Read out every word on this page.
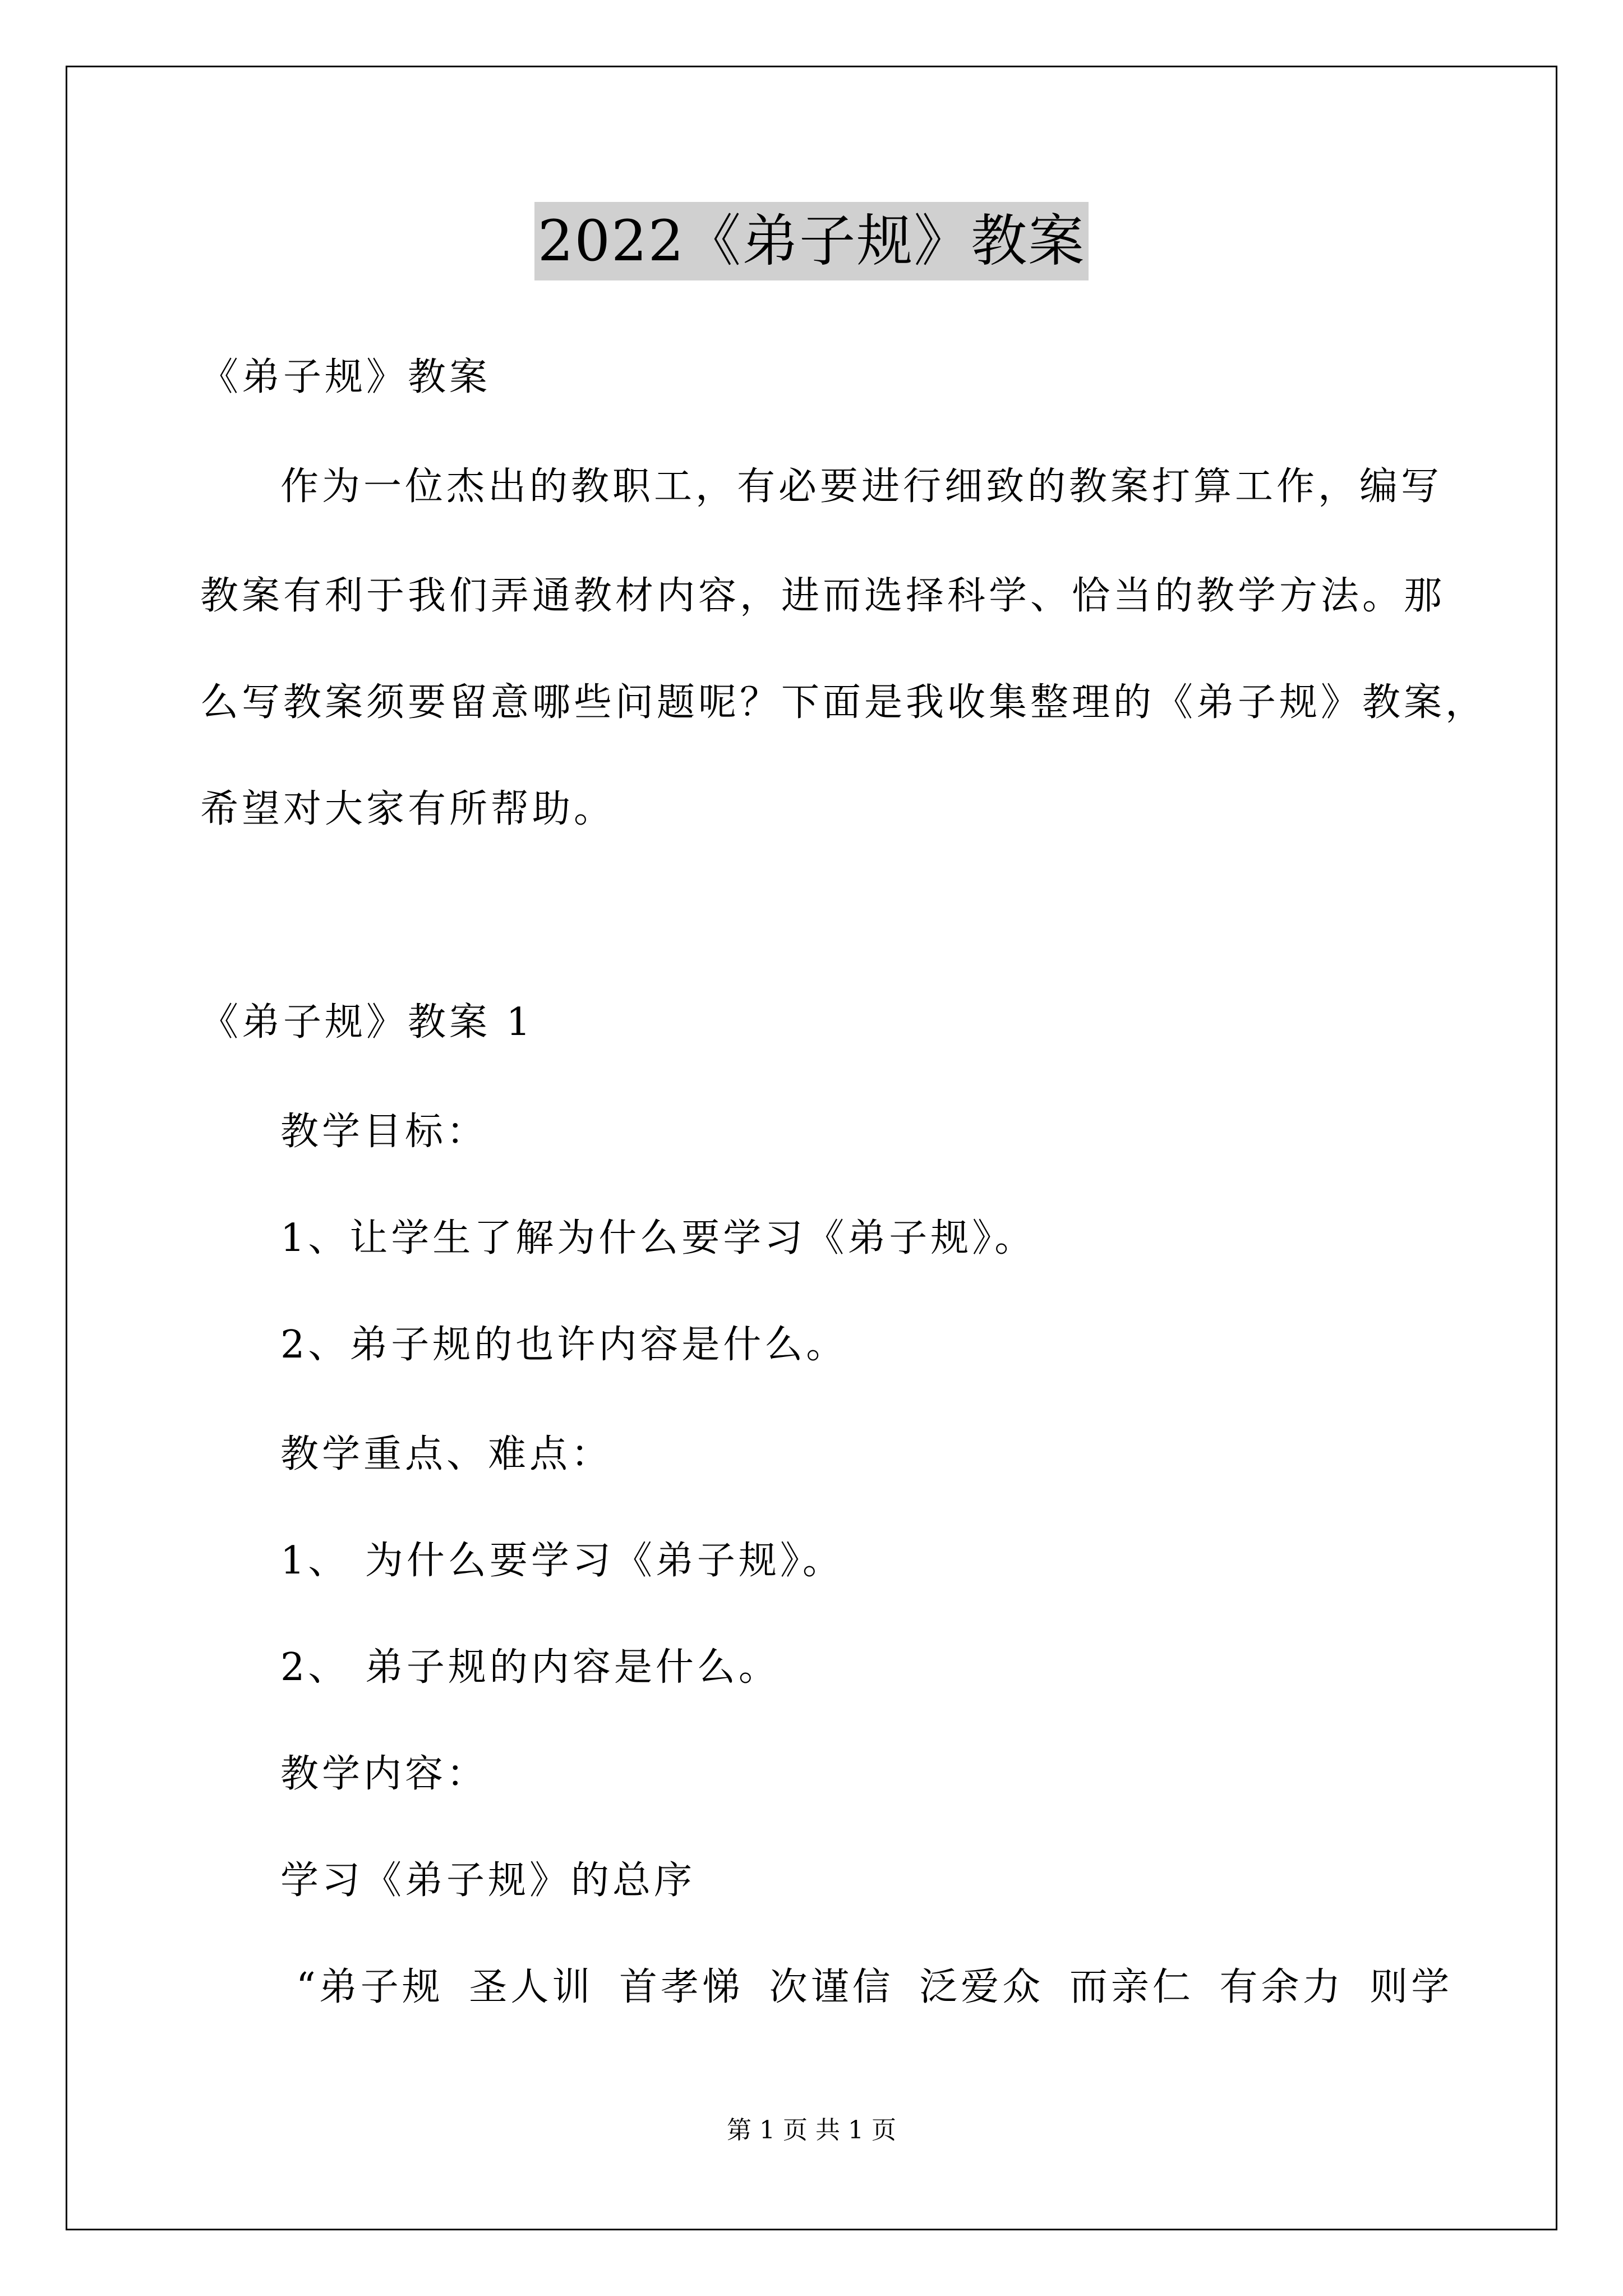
2022《弟子规》教案
《弟子规》教案
作为一位杰出的教职工，有必要进行细致的教案打算工作，编写
教案有利于我们弄通教材内容，进而选择科学、恰当的教学方法。那
么写教案须要留意哪些问题呢？下面是我收集整理的《弟子规》教案，
希望对大家有所帮助。
《弟子规》教案 1
教学目标：
1、让学生了解为什么要学习《弟子规》。
2、弟子规的也许内容是什么。
教学重点、难点：
1、 为什么要学习《弟子规》。
2、 弟子规的内容是什么。
教学内容：
学习《弟子规》的总序
“弟子规 圣人训 首孝悌 次谨信 泛爱众 而亲仁 有余力 则学
第 1 页 共 1 页
